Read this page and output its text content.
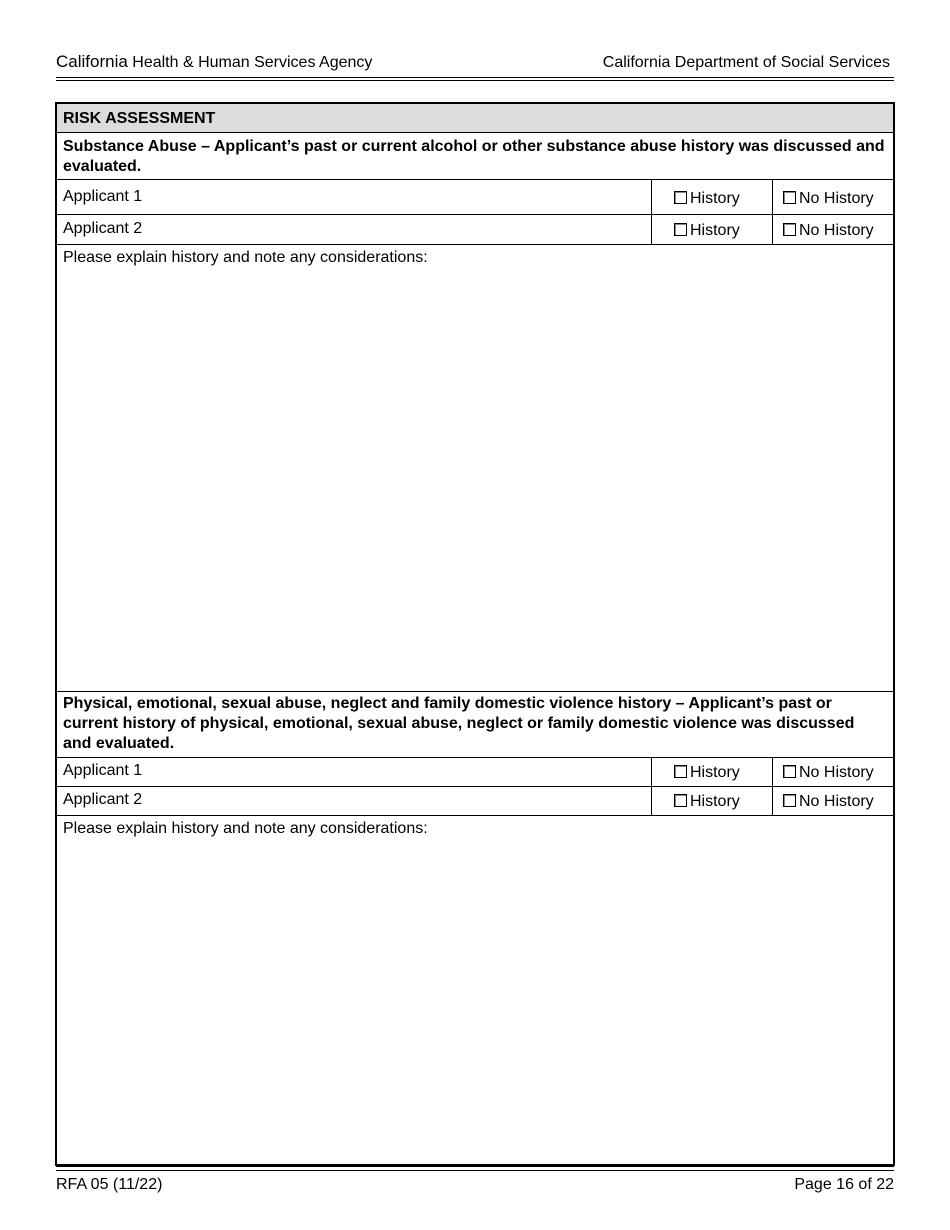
California Health & Human Services Agency	California Department of Social Services
RISK ASSESSMENT
Substance Abuse – Applicant’s past or current alcohol or other substance abuse history was discussed and evaluated.
Applicant 1	History	No History
Applicant 2	History	No History
Please explain history and note any considerations:
Physical, emotional, sexual abuse, neglect and family domestic violence history – Applicant’s past or current history of physical, emotional, sexual abuse, neglect or family domestic violence was discussed and evaluated.
Applicant 1	History	No History
Applicant 2	History	No History
Please explain history and note any considerations:
RFA 05 (11/22)	Page 16 of 22
